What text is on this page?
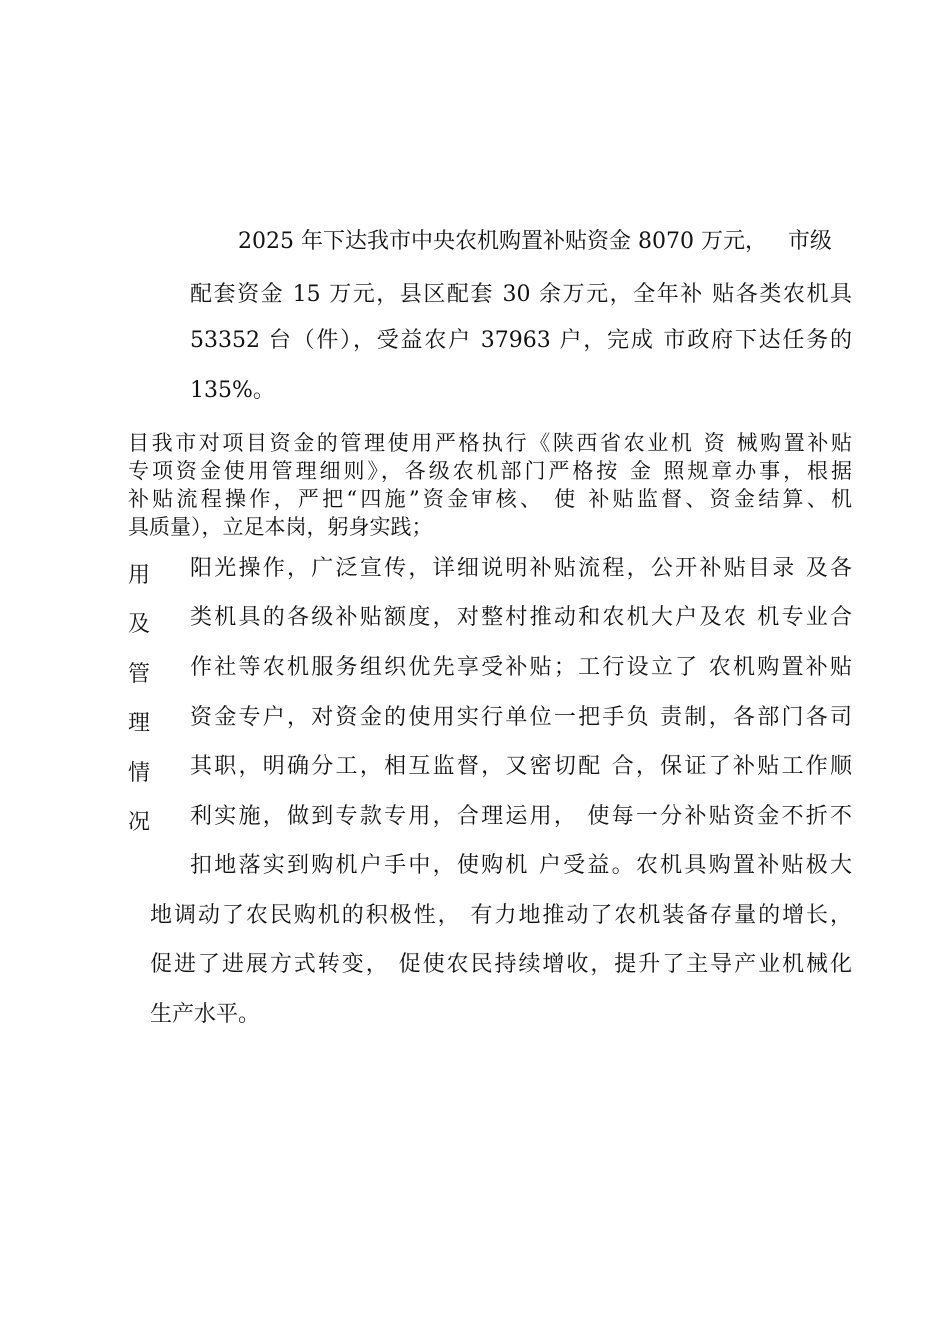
2025 年下达我市中央农机购置补贴资金 8070 万元，   市级
配套资金 15 万元，县区配套 30 余万元，全年补 贴各类农机具
53352 台（件），受益农户 37963 户，完成 市政府下达任务的
135%。
目我市对项目资金的管理使用严格执行《陕西省农业机 资 械购置补贴
专项资金使用管理细则》，各级农机部门严格按 金 照规章办事，根据
补贴流程操作，严把“四施”资金审核、 使 补贴监督、资金结算、机
具质量），立足本岗，躬身实践；
用
及
管
理
情
况
阳光操作，广泛宣传，详细说明补贴流程，公开补贴目录 及各
类机具的各级补贴额度，对整村推动和农机大户及农 机专业合
作社等农机服务组织优先享受补贴；工行设立了 农机购置补贴
资金专户，对资金的使用实行单位一把手负 责制，各部门各司
其职，明确分工，相互监督，又密切配 合，保证了补贴工作顺
利实施，做到专款专用，合理运用， 使每一分补贴资金不折不
扣地落实到购机户手中，使购机 户受益。农机具购置补贴极大
地调动了农民购机的积极性， 有力地推动了农机装备存量的增长，
促进了进展方式转变， 促使农民持续增收，提升了主导产业机械化
生产水平。
